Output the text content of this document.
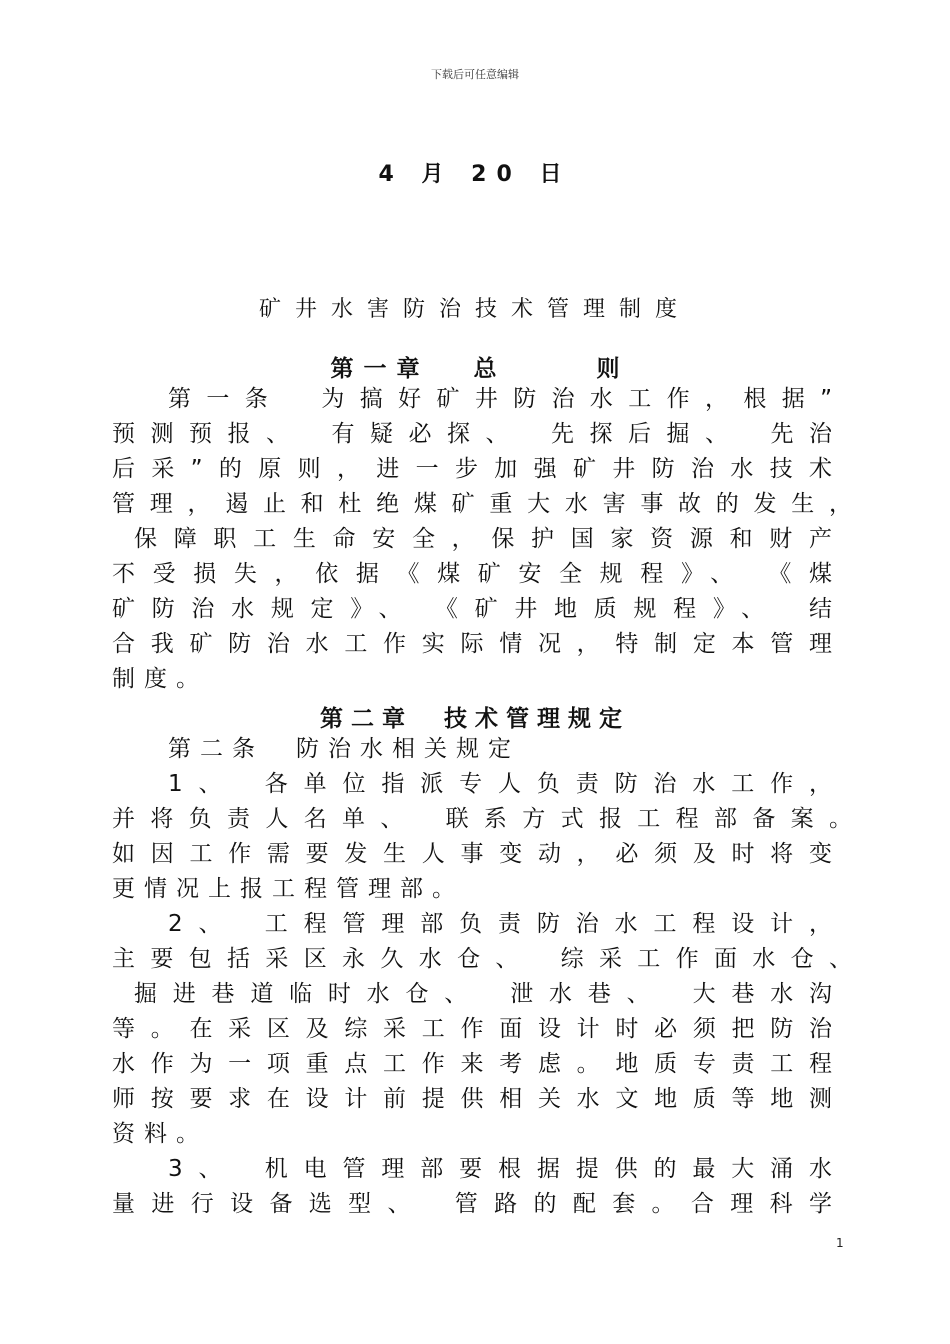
下载后可任意编辑
4 月 20 日
矿井水害防治技术管理制度
第一章 总	则
第一条　为搞好矿井防治水工作，根据”
预测预报、　有疑必探、　先探后掘、　先治
后采”的原则，进一步加强矿井防治水技术
管理，遏止和杜绝煤矿重大水害事故的发生，
保障职工生命安全，保护国家资源和财产
不受损失，依据《煤矿安全规程》、　《煤
矿防治水规定》、　《矿井地质规程》、　结
合我矿防治水工作实际情况，特制定本管理
制度。
第二章　技术管理规定
第二条　防治水相关规定
1、　各单位指派专人负责防治水工作，
并将负责人名单、　联系方式报工程部备案。
如因工作需要发生人事变动，必须及时将变
更情况上报工程管理部。
2、　工程管理部负责防治水工程设计，
主要包括采区永久水仓、　综采工作面水仓、
掘进巷道临时水仓、　泄水巷、　大巷水沟
等。在采区及综采工作面设计时必须把防治
水作为一项重点工作来考虑。地质专责工程
师按要求在设计前提供相关水文地质等地测
资料。
3、　机电管理部要根据提供的最大涌水
量进行设备选型、　管路的配套。合理科学
1
